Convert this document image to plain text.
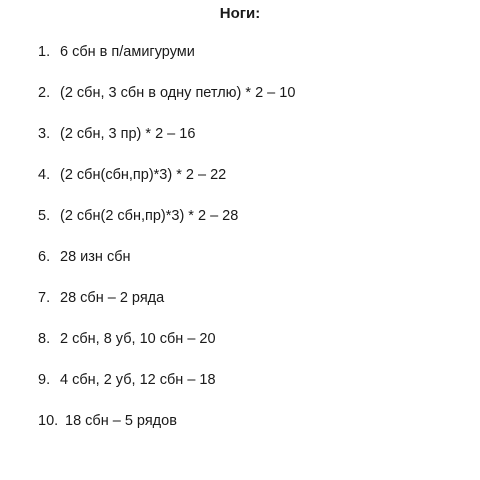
Ноги:
1. 6 сбн в п/амигуруми
2. (2 сбн, 3 сбн в одну петлю) * 2 – 10
3. (2 сбн, 3 пр) * 2 – 16
4. (2 сбн(сбн,пр)*3) * 2 – 22
5. (2 сбн(2 сбн,пр)*3) * 2 – 28
6. 28 изн сбн
7. 28 сбн – 2 ряда
8. 2 сбн, 8 уб, 10 сбн – 20
9. 4 сбн, 2 уб, 12 сбн – 18
10. 18 сбн – 5 рядов
